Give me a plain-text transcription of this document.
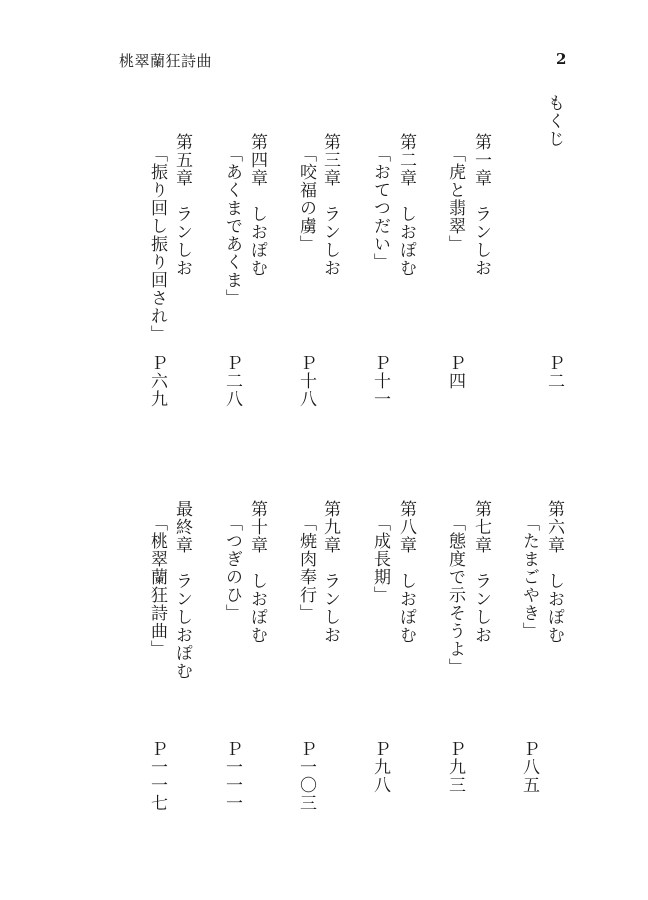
桃翠蘭狂詩曲	2
もくじ
Ｐ二
第一章　ランしお
「虎と翡翠」
Ｐ四
第二章　しおぽむ
「おてつだい」
Ｐ十一
第三章　ランしお
「咬福の虜」
Ｐ十八
第四章　しおぽむ
「あくまであくま」
Ｐ二八
第五章　ランしお
「振り回し振り回され」
Ｐ六九
第六章　しおぽむ
「たまごやき」
Ｐ八五
第七章　ランしお
「態度で示そうよ」
Ｐ九三
第八章　しおぽむ
「成長期」
Ｐ九八
第九章　ランしお
「焼肉奉行」
Ｐ一〇三
第十章　しおぽむ
「つぎのひ」
Ｐ一一一
最終章　ランしおぽむ
「桃翠蘭狂詩曲」
Ｐ一一七
